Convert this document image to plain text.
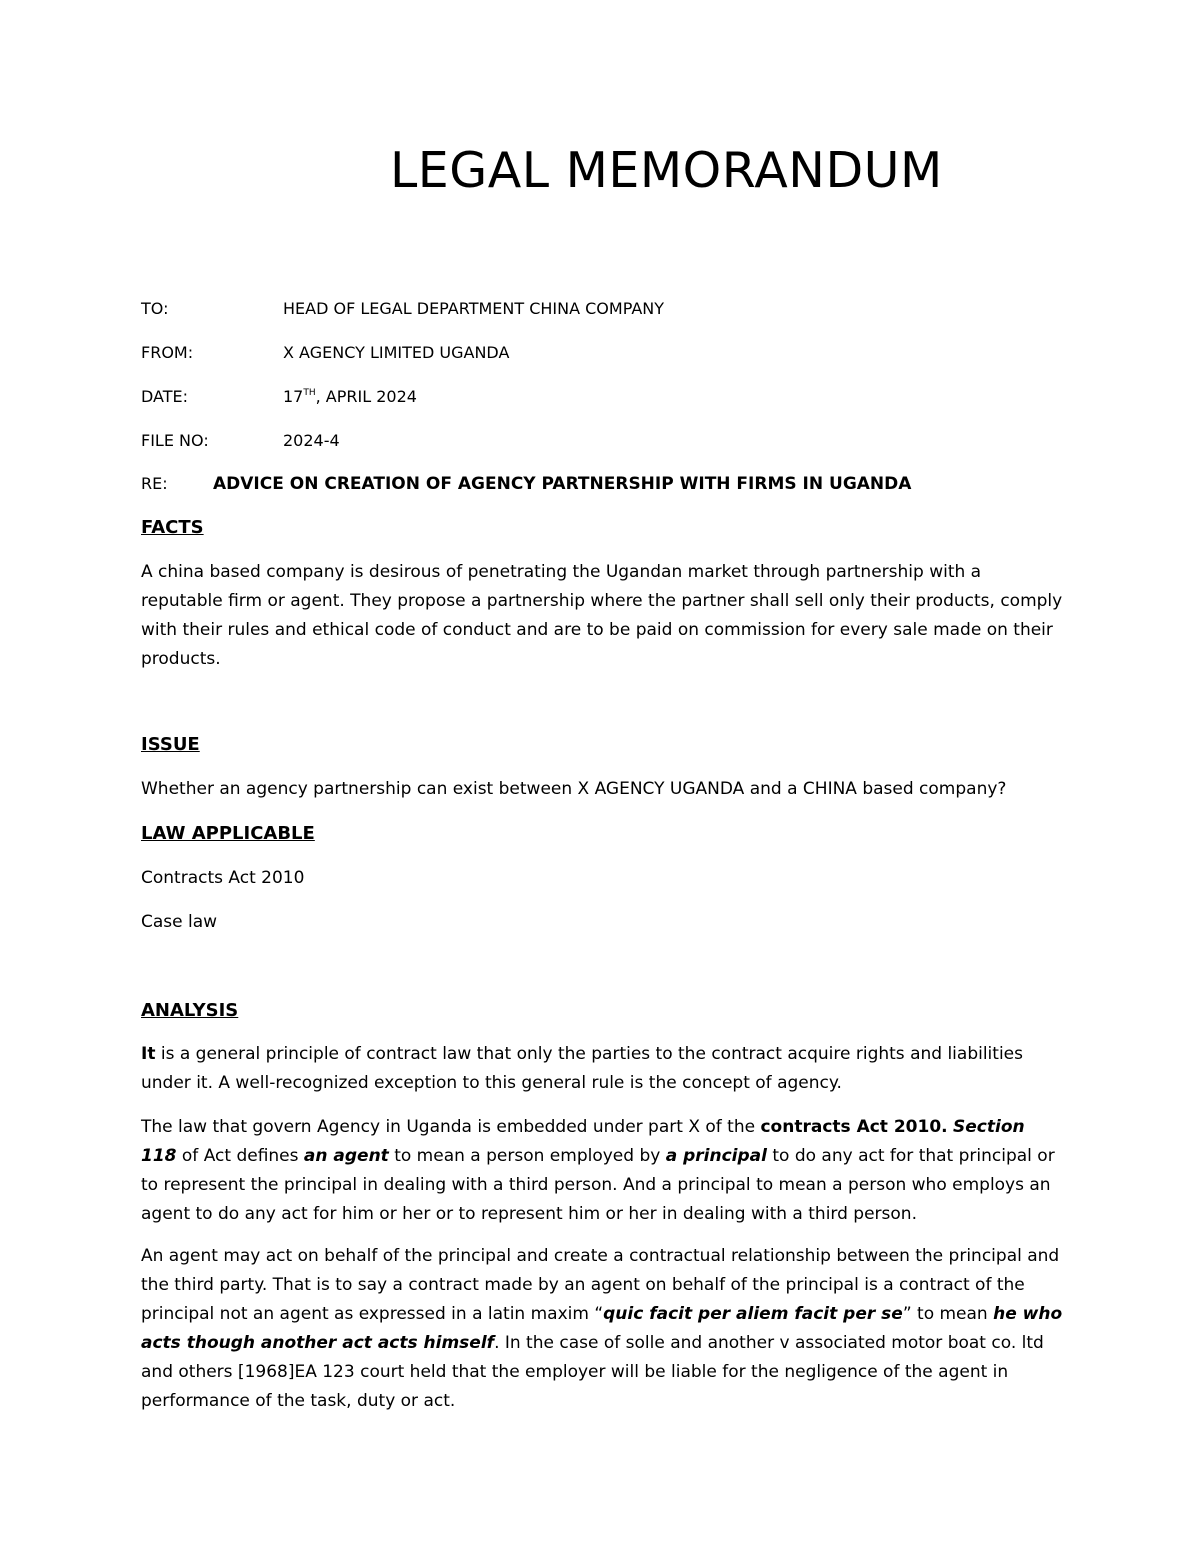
LEGAL MEMORANDUM
TO:	HEAD OF LEGAL DEPARTMENT CHINA COMPANY
FROM:	X AGENCY LIMITED UGANDA
DATE:	17TH, APRIL 2024
FILE NO:	2024-4
RE:	ADVICE ON CREATION OF AGENCY PARTNERSHIP WITH FIRMS IN UGANDA
FACTS
A china based company is desirous of penetrating the Ugandan market through partnership with a reputable firm or agent. They propose a partnership where the partner shall sell only their products, comply with their rules and ethical code of conduct and are to be paid on commission for every sale made on their products.
ISSUE
Whether an agency partnership can exist between X AGENCY UGANDA and a CHINA based company?
LAW APPLICABLE
Contracts Act 2010
Case law
ANALYSIS
It is a general principle of contract law that only the parties to the contract acquire rights and liabilities under it. A well-recognized exception to this general rule is the concept of agency.
The law that govern Agency in Uganda is embedded under part X of the contracts Act 2010. Section 118 of Act defines an agent to mean a person employed by a principal to do any act for that principal or to represent the principal in dealing with a third person. And a principal to mean a person who employs an agent to do any act for him or her or to represent him or her in dealing with a third person.
An agent may act on behalf of the principal and create a contractual relationship between the principal and the third party. That is to say a contract made by an agent on behalf of the principal is a contract of the principal not an agent as expressed in a latin maxim “quic facit per aliem facit per se” to mean he who acts though another act acts himself. In the case of solle and another v associated motor boat co. ltd and others [1968]EA 123 court held that the employer will be liable for the negligence of the agent in performance of the task, duty or act.
